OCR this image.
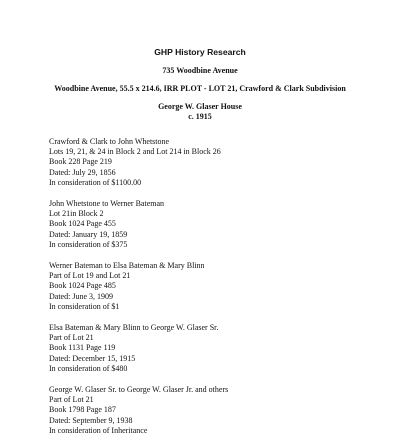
GHP History Research
735 Woodbine Avenue
Woodbine Avenue, 55.5 x 214.6, IRR PLOT - LOT 21, Crawford & Clark Subdivision
George W. Glaser House
c. 1915
Crawford & Clark to John Whetstone
Lots 19, 21, & 24 in Block 2 and Lot 214 in Block 26
Book 228 Page 219
Dated: July 29, 1856
In consideration of $1100.00
John Whetstone to Werner Bateman
Lot 21in Block 2
Book 1024 Page 455
Dated: January 19, 1859
In consideration of $375
Werner Bateman to Elsa Bateman & Mary Blinn
Part of Lot 19 and Lot 21
Book 1024 Page 485
Dated: June 3, 1909
In consideration of $1
Elsa Bateman & Mary Blinn to George W. Glaser Sr.
Part of Lot 21
Book 1131 Page 119
Dated: December 15, 1915
In consideration of $480
George W. Glaser Sr. to George W. Glaser Jr. and others
Part of Lot 21
Book 1798 Page 187
Dated: September 9, 1938
In consideration of Inheritance
